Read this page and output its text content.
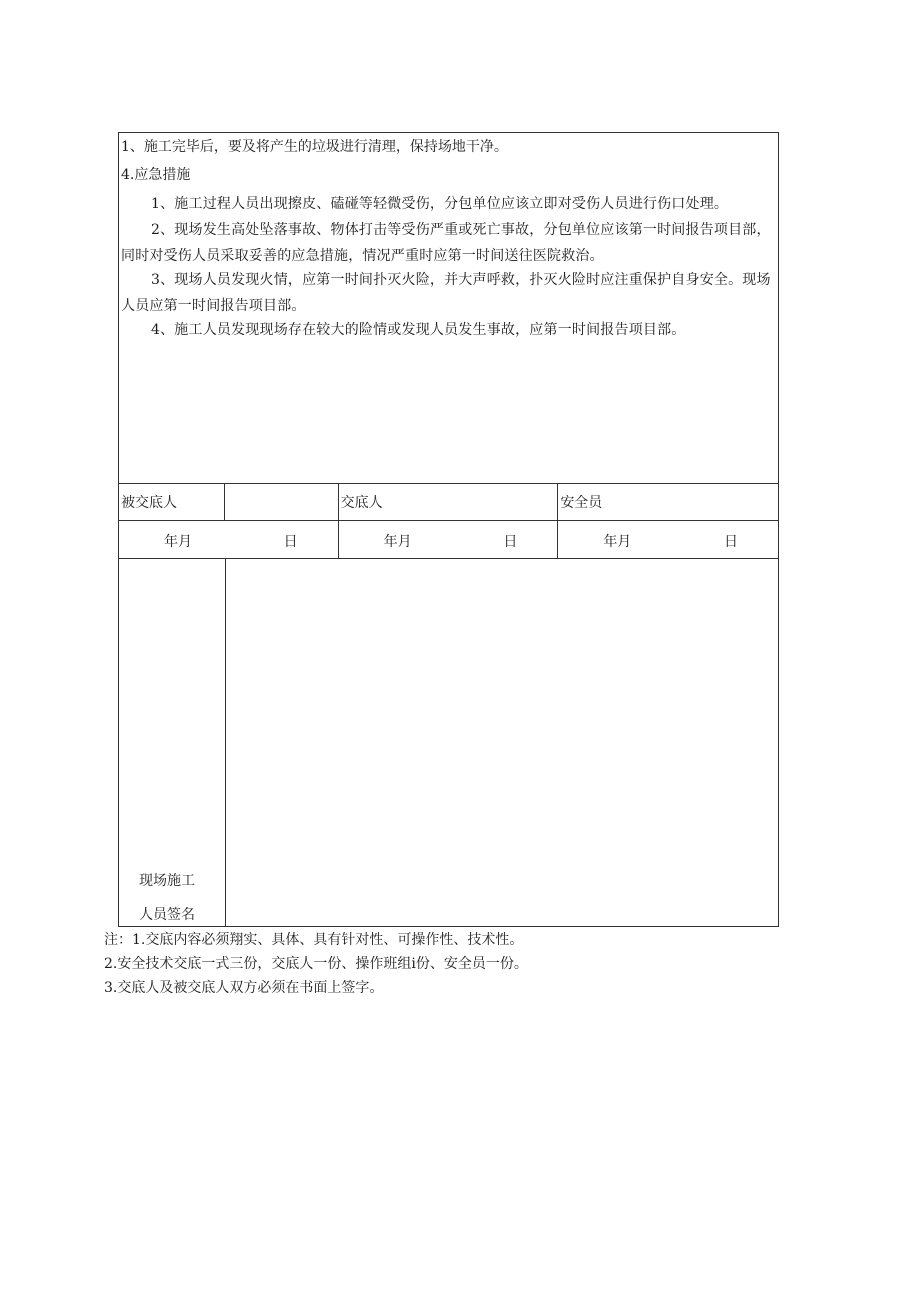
1、施工完毕后，要及将产生的垃圾进行清理，保持场地干净。

4.应急措施

1、施工过程人员出现擦皮、磕碰等轻微受伤，分包单位应该立即对受伤人员进行伤口处理。

2、现场发生高处坠落事故、物体打击等受伤严重或死亡事故，分包单位应该第一时间报告项目部，同时对受伤人员采取妥善的应急措施，情况严重时应第一时间送往医院救治。

3、现场人员发现火情，应第一时间扑灭火险，并大声呼救，扑灭火险时应注重保护自身安全。现场人员应第一时间报告项目部。

4、施工人员发现现场存在较大的险情或发现人员发生事故，应第一时间报告项目部。

被交底人		交底人	安全员

年月 日		年月 日	年月 日
现场施工
人员签名

注：1.交底内容必须翔实、具体、具有针对性、可操作性、技术性。

2.安全技术交底一式三份，交底人一份、操作班组i份、安全员一份。

3.交底人及被交底人双方必须在书面上签字。
